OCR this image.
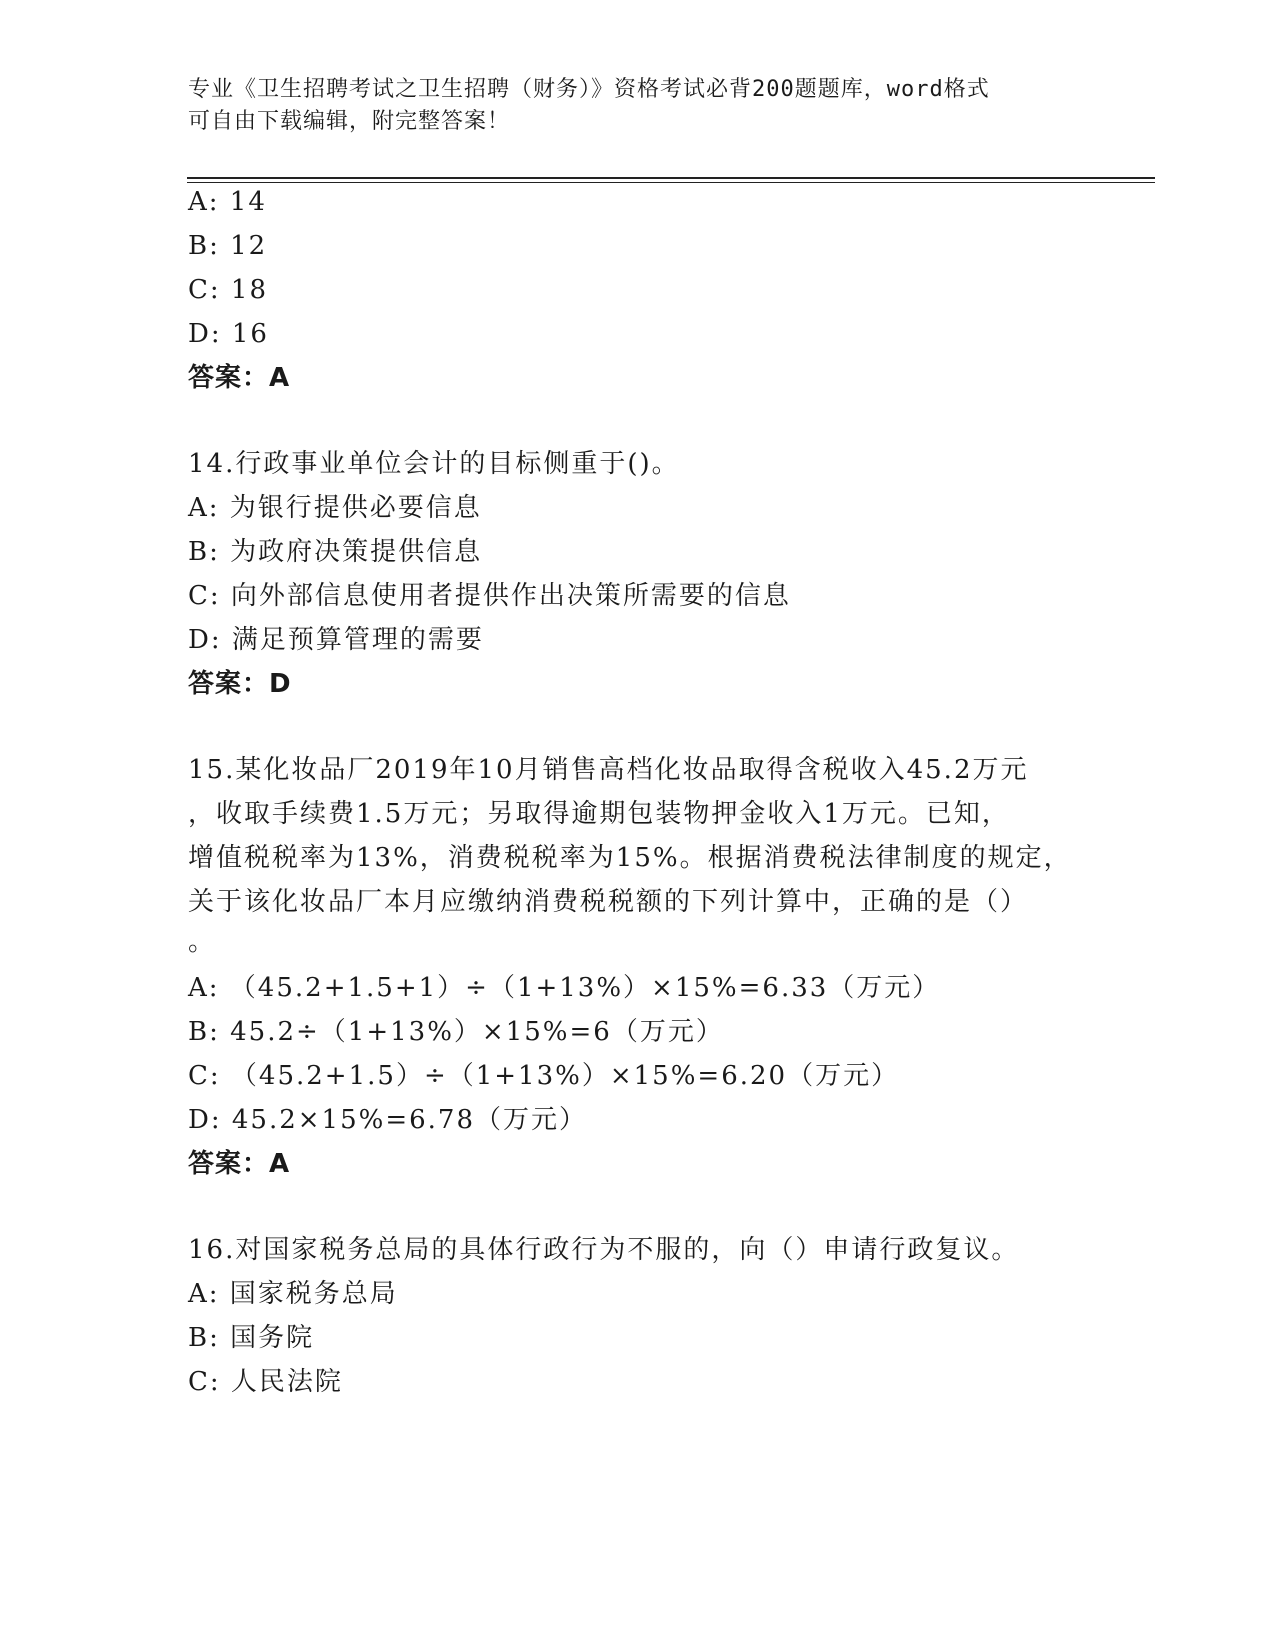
专业《卫生招聘考试之卫生招聘（财务）》资格考试必背200题题库，word格式
可自由下载编辑，附完整答案！
A: 14
B: 12
C: 18
D: 16
答案：A
14.行政事业单位会计的目标侧重于()。
A: 为银行提供必要信息
B: 为政府决策提供信息
C: 向外部信息使用者提供作出决策所需要的信息
D: 满足预算管理的需要
答案：D
15.某化妆品厂2019年10月销售高档化妆品取得含税收入45.2万元
，收取手续费1.5万元；另取得逾期包装物押金收入1万元。已知，
增值税税率为13%，消费税税率为15%。根据消费税法律制度的规定，
关于该化妆品厂本月应缴纳消费税税额的下列计算中，正确的是（）
。
A: （45.2+1.5+1）÷（1+13%）×15%=6.33（万元）
B: 45.2÷（1+13%）×15%=6（万元）
C: （45.2+1.5）÷（1+13%）×15%=6.20（万元）
D: 45.2×15%=6.78（万元）
答案：A
16.对国家税务总局的具体行政行为不服的，向（）申请行政复议。
A: 国家税务总局
B: 国务院
C: 人民法院
